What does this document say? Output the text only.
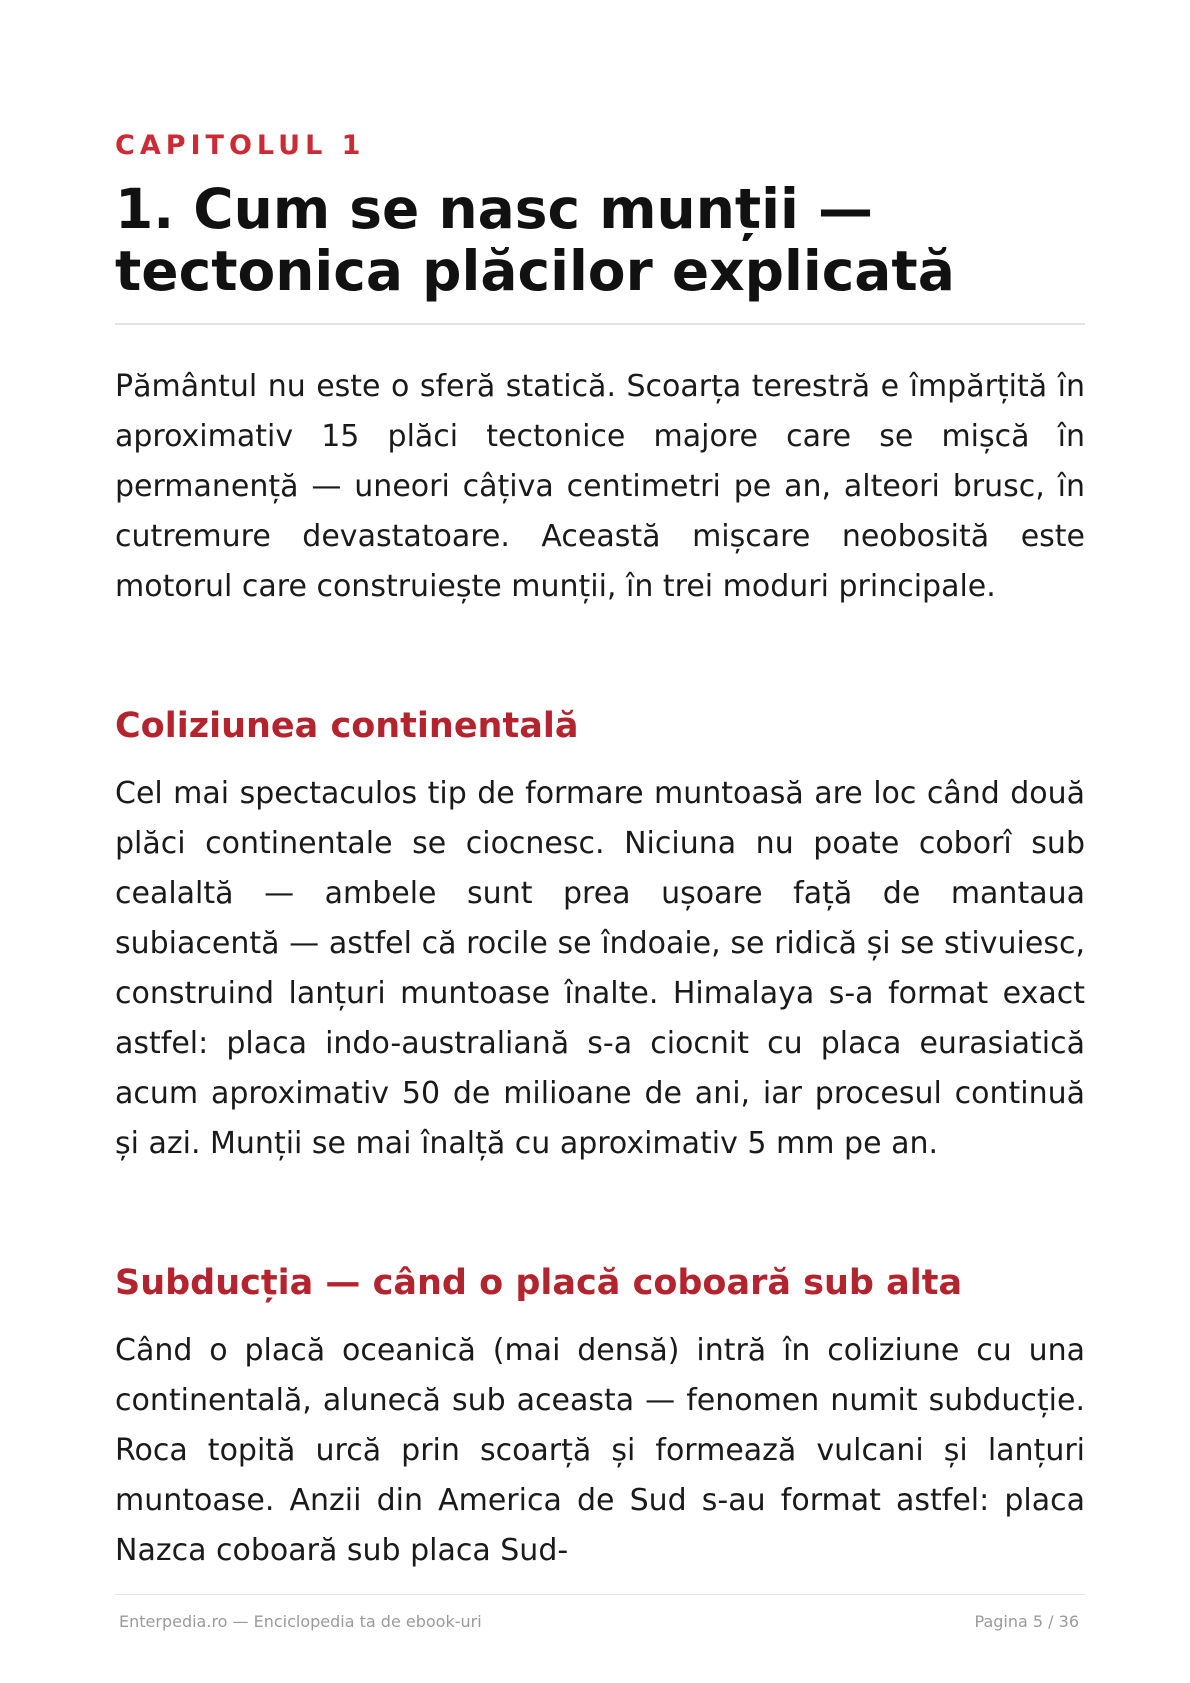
CAPITOLUL 1
1. Cum se nasc munții — tectonica plăcilor explicată

Pământul nu este o sferă statică. Scoarța terestră e împărțită în aproximativ 15 plăci tectonice majore care se mișcă în permanență — uneori câțiva centimetri pe an, alteori brusc, în cutremure devastatoare. Această mișcare neobosită este motorul care construiește munții, în trei moduri principale.

Coliziunea continentală

Cel mai spectaculos tip de formare muntoasă are loc când două plăci continentale se ciocnesc. Niciuna nu poate coborî sub cealaltă — ambele sunt prea ușoare față de mantaua subiacentă — astfel că rocile se îndoaie, se ridică și se stivuiesc, construind lanțuri muntoase înalte. Himalaya s-a format exact astfel: placa indo-australiană s-a ciocnit cu placa eurasiatică acum aproximativ 50 de milioane de ani, iar procesul continuă și azi. Munții se mai înalță cu aproximativ 5 mm pe an.

Subducția — când o placă coboară sub alta

Când o placă oceanică (mai densă) intră în coliziune cu una continentală, alunecă sub aceasta — fenomen numit subducție. Roca topită urcă prin scoarță și formează vulcani și lanțuri muntoase. Anzii din America de Sud s-au format astfel: placa Nazca coboară sub placa Sud-

Enterpedia.ro — Enciclopedia ta de ebook-uri	Pagina 5 / 36
